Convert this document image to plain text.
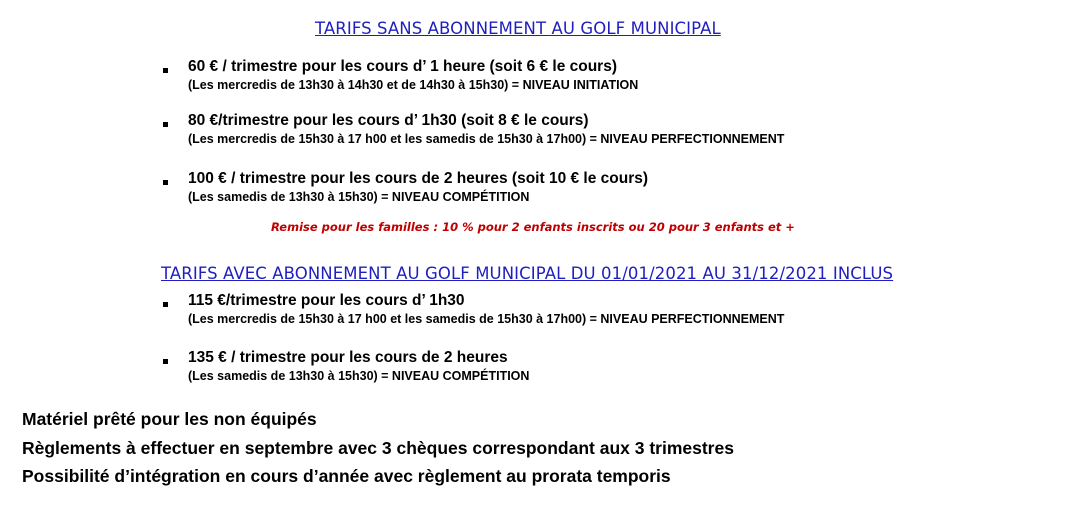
TARIFS SANS ABONNEMENT AU GOLF MUNICIPAL
60 € / trimestre pour les cours d’ 1 heure (soit 6 € le cours)
(Les mercredis de 13h30 à 14h30 et de 14h30 à 15h30) = NIVEAU INITIATION
80 €/trimestre pour les cours d’ 1h30 (soit 8 € le cours)
(Les mercredis de 15h30 à 17 h00 et les samedis de 15h30 à 17h00) = NIVEAU PERFECTIONNEMENT
100 € / trimestre pour les cours de 2 heures (soit 10 € le cours)
(Les samedis de 13h30 à 15h30) = NIVEAU COMPÉTITION
Remise pour les familles : 10 % pour 2 enfants inscrits ou 20 pour 3 enfants et +
TARIFS AVEC ABONNEMENT AU GOLF MUNICIPAL DU 01/01/2021 AU 31/12/2021 INCLUS
115 €/trimestre pour les cours d’ 1h30
(Les mercredis de 15h30 à 17 h00 et les samedis de 15h30 à 17h00) = NIVEAU PERFECTIONNEMENT
135 € / trimestre pour les cours de 2 heures
(Les samedis de 13h30 à 15h30) = NIVEAU COMPÉTITION
Matériel prêté pour les non équipés
Règlements à effectuer en septembre avec 3 chèques correspondant aux 3 trimestres
Possibilité d’intégration en cours d’année avec règlement au prorata temporis
